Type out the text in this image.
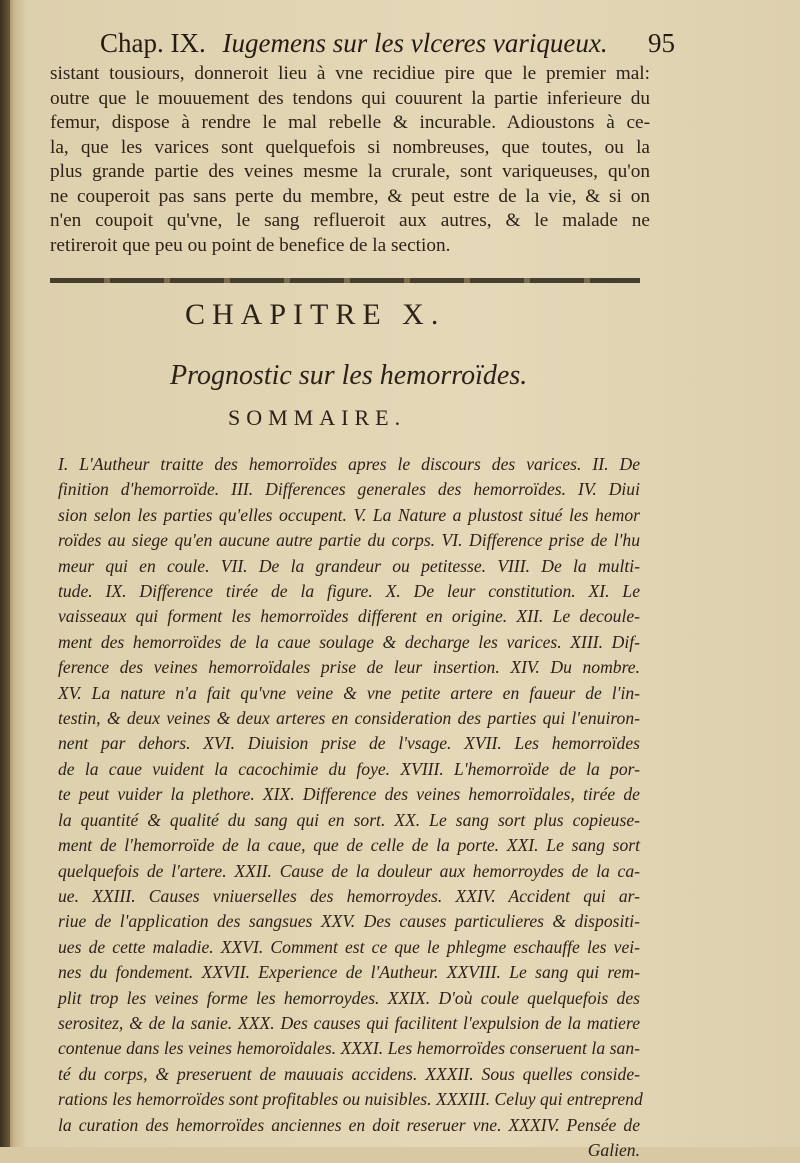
Chap. IX. Iugemens sur les vlceres variqueux. 95
sistant tousiours, donneroit lieu à vne recidiue pire que le premier mal:
outre que le mouuement des tendons qui couurent la partie inferieure du
femur, dispose à rendre le mal rebelle & incurable. Adioustons à ce-
la, que les varices sont quelquefois si nombreuses, que toutes, ou la
plus grande partie des veines mesme la crurale, sont variqueuses, qu'on
ne couperoit pas sans perte du membre, & peut estre de la vie, & si on
n'en coupoit qu'vne, le sang reflueroit aux autres, & le malade ne
retireroit que peu ou point de benefice de la section.
CHAPITRE X.
Prognostic sur les hemorroïdes.
SOMMAIRE.
I. L'Autheur traitte des hemorroïdes apres le discours des varices. II. De
finition d'hemorroïde. III. Differences generales des hemorroïdes. IV. Diui
sion selon les parties qu'elles occupent. V. La Nature a plustost situé les hemor
roïdes au siege qu'en aucune autre partie du corps. VI. Difference prise de l'hu
meur qui en coule. VII. De la grandeur ou petitesse. VIII. De la multi-
tude. IX. Difference tirée de la figure. X. De leur constitution. XI. Le
vaisseaux qui forment les hemorroïdes different en origine. XII. Le decoule-
ment des hemorroïdes de la caue soulage & decharge les varices. XIII. Dif-
ference des veines hemorroïdales prise de leur insertion. XIV. Du nombre.
XV. La nature n'a fait qu'vne veine & vne petite artere en faueur de l'in-
testin, & deux veines & deux arteres en consideration des parties qui l'enuiron-
nent par dehors. XVI. Diuision prise de l'vsage. XVII. Les hemorroïdes
de la caue vuident la cacochimie du foye. XVIII. L'hemorroïde de la por-
te peut vuider la plethore. XIX. Difference des veines hemorroïdales, tirée de
la quantité & qualité du sang qui en sort. XX. Le sang sort plus copieuse-
ment de l'hemorroïde de la caue, que de celle de la porte. XXI. Le sang sort
quelquefois de l'artere. XXII. Cause de la douleur aux hemorroydes de la ca-
ue. XXIII. Causes vniuerselles des hemorroydes. XXIV. Accident qui ar-
riue de l'application des sangsues XXV. Des causes particulieres & dispositi-
ues de cette maladie. XXVI. Comment est ce que le phlegme eschauffe les vei-
nes du fondement. XXVII. Experience de l'Autheur. XXVIII. Le sang qui rem-
plit trop les veines forme les hemorroydes. XXIX. D'où coule quelquefois des
serositez, & de la sanie. XXX. Des causes qui facilitent l'expulsion de la matiere
contenue dans les veines hemoroïdales. XXXI. Les hemorroïdes conseruent la san-
té du corps, & preseruent de mauuais accidens. XXXII. Sous quelles conside-
rations les hemorroïdes sont profitables ou nuisibles. XXXIII. Celuy qui entreprend
la curation des hemorroïdes anciennes en doit reseruer vne. XXXIV. Pensée de
Galien.
